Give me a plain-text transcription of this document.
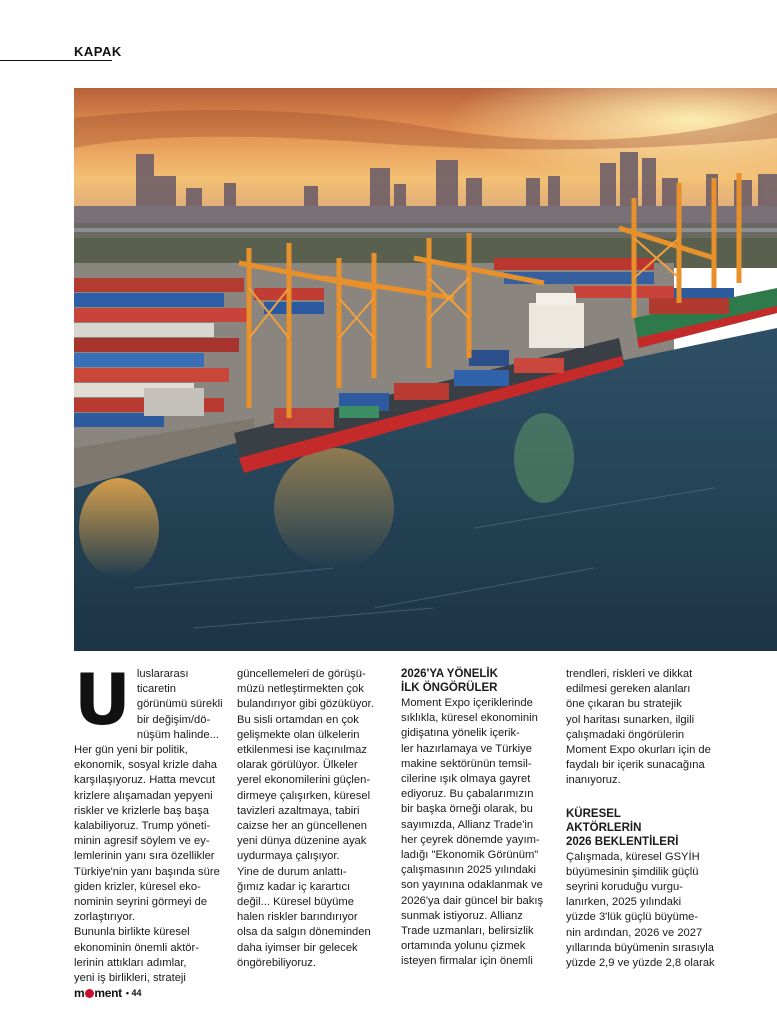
KAPAK
U luslararası ticaretin
görünümü sürekli
bir değişim/dö-
nüşüm halinde...

Her gün yeni bir politik,
ekonomik, sosyal krizle daha
karşılaşıyoruz. Hatta mevcut
krizlere alışamadan yepyeni
riskler ve krizlerle baş başa
kalabiliyoruz. Trump yöneti-
minin agresif söylem ve ey-
lemlerinin yanı sıra özellikler
Türkiye'nin yanı başında süre
giden krizler, küresel eko-
nominin seyrini görmeyi de
zorlaştırıyor.
Bununla birlikte küresel
ekonominin önemli aktör-
lerinin attıkları adımlar,
yeni iş birlikleri, strateji

güncellemeleri de görüşü-
müzü netleştirmekten çok
bulandırıyor gibi gözüküyor.
Bu sisli ortamdan en çok
gelişmekte olan ülkelerin
etkilenmesi ise kaçınılmaz
olarak görülüyor. Ülkeler
yerel ekonomilerini güçlen-
dirmeye çalışırken, küresel
tavizleri azaltmaya, tabiri
caizse her an güncellenen
yeni dünya düzenine ayak
uydurmaya çalışıyor.
Yine de durum anlattı-
ğımız kadar iç karartıcı
değil... Küresel büyüme
halen riskler barındırıyor
olsa da salgın döneminden
daha iyimser bir gelecek
öngörebiliyoruz.

2026'YA YÖNELİK
İLK ÖNGÖRÜLER

Moment Expo içeriklerinde
sıklıkla, küresel ekonominin
gidişatına yönelik içerik-
ler hazırlamaya ve Türkiye
makine sektörünün temsil-
cilerine ışık olmaya gayret
ediyoruz. Bu çabalarımızın
bir başka örneği olarak, bu
sayımızda, Allianz Trade'in
her çeyrek dönemde yayım-
ladığı "Ekonomik Görünüm"
çalışmasının 2025 yılındaki
son yayınına odaklanmak ve
2026'ya dair güncel bir bakış
sunmak istiyoruz. Allianz
Trade uzmanları, belirsizlik
ortamında yolunu çizmek
isteyen firmalar için önemli

trendleri, riskleri ve dikkat
edilmesi gereken alanları
öne çıkaran bu stratejik
yol haritası sunarken, ilgili
çalışmadaki öngörülerin
Moment Expo okurları için de
faydalı bir içerik sunacağına
inanıyoruz.

KÜRESEL
AKTÖRLERİN
2026 BEKLENTİLERİ

Çalışmada, küresel GSYİH
büyümesinin şimdilik güçlü
seyrini koruduğu vurgu-
lanırken, 2025 yılındaki
yüzde 3'lük güçlü büyüme-
nin ardından, 2026 ve 2027
yıllarında büyümenin sırasıyla
yüzde 2,9 ve yüzde 2,8 olarak

m ment • 44
